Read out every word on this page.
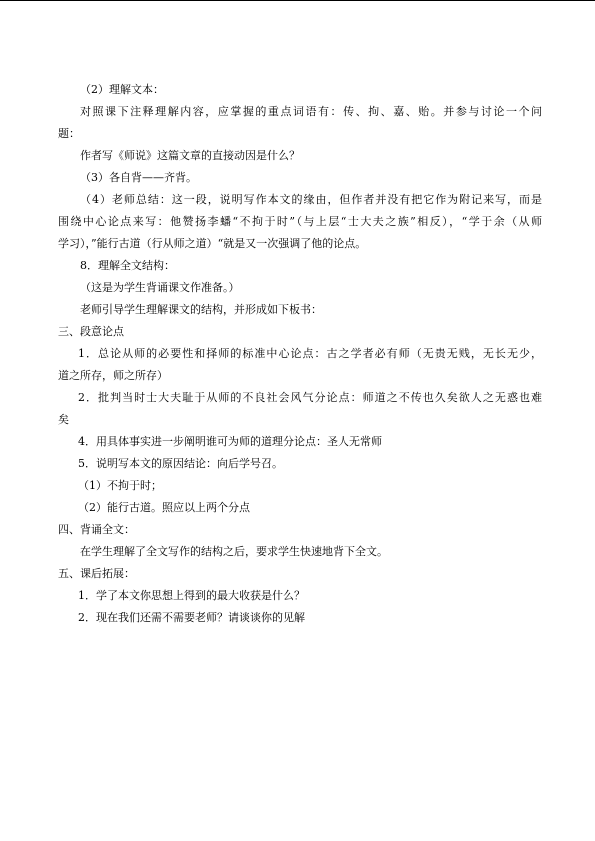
（2）理解文本：
对照课下注释理解内容，应掌握的重点词语有：传、拘、嘉、贻。并参与讨论一个问
题：
作者写《师说》这篇文章的直接动因是什么？
（3）各自背——齐背。
（4）老师总结：这一段，说明写作本文的缘由，但作者并没有把它作为附记来写，而是
围绕中心论点来写：他赞扬李蟠“不拘于时”（与上层“士大夫之族”相反），“学于余（从师
学习），”能行古道（行从师之道）“就是又一次强调了他的论点。
8．理解全文结构：
（这是为学生背诵课文作准备。）
老师引导学生理解课文的结构，并形成如下板书：
三、段意论点
1．总论从师的必要性和择师的标准中心论点：古之学者必有师（无贵无贱，无长无少，
道之所存，师之所存）
2．批判当时士大夫耻于从师的不良社会风气分论点：师道之不传也久矣欲人之无惑也难
矣
4．用具体事实进一步阐明谁可为师的道理分论点：圣人无常师
5．说明写本文的原因结论：向后学号召。
（1）不拘于时；
（2）能行古道。照应以上两个分点
四、背诵全文：
在学生理解了全文写作的结构之后，要求学生快速地背下全文。
五、课后拓展：
1．学了本文你思想上得到的最大收获是什么？
2．现在我们还需不需要老师？请谈谈你的见解
